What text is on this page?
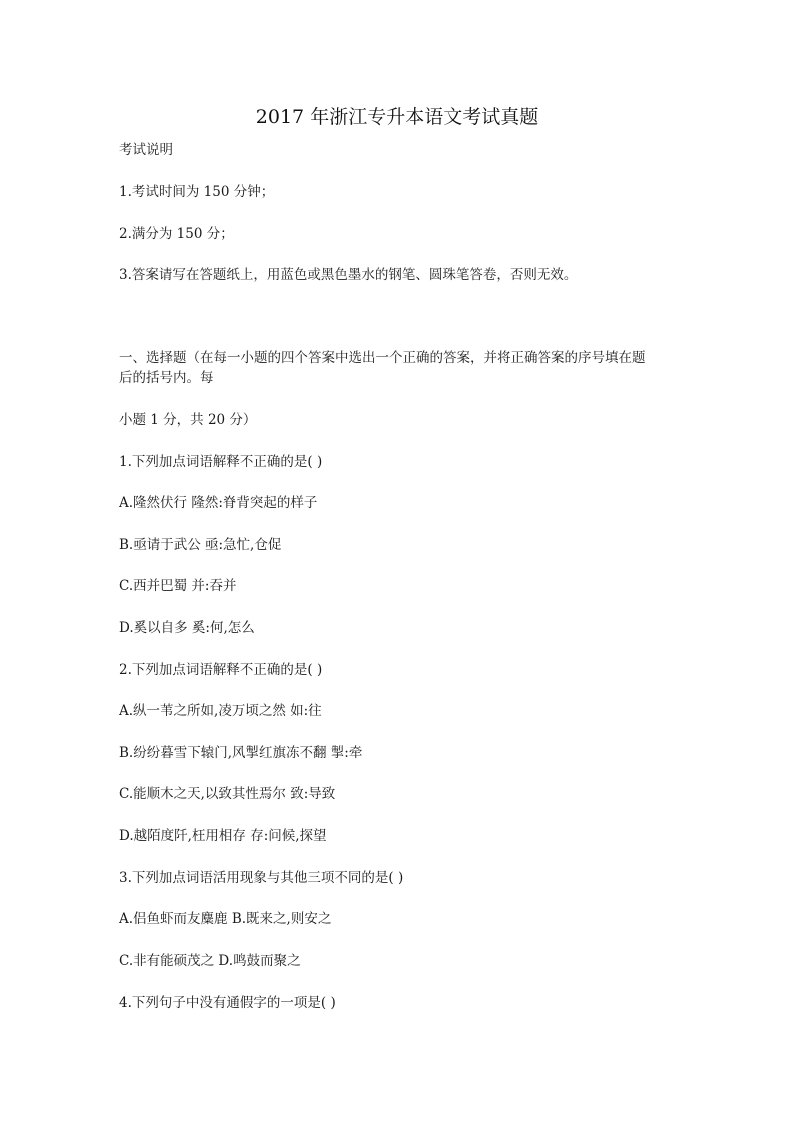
2017 年浙江专升本语文考试真题
考试说明
1.考试时间为 150 分钟；
2.满分为 150 分；
3.答案请写在答题纸上，用蓝色或黑色墨水的钢笔、圆珠笔答卷，否则无效。
一、选择题（在每一小题的四个答案中选出一个正确的答案，并将正确答案的序号填在题
后的括号内。每
小题 1 分，共 20 分）
1.下列加点词语解释不正确的是( )
A.隆然伏行 隆然:脊背突起的样子
B.亟请于武公 亟:急忙,仓促
C.西并巴蜀 并:吞并
D.奚以自多 奚:何,怎么
2.下列加点词语解释不正确的是( )
A.纵一苇之所如,凌万顷之然 如:往
B.纷纷暮雪下辕门,风掣红旗冻不翻 掣:牵
C.能顺木之天,以致其性焉尔 致:导致
D.越陌度阡,枉用相存 存:问候,探望
3.下列加点词语活用现象与其他三项不同的是( )
A.侣鱼虾而友麋鹿 B.既来之,则安之
C.非有能硕茂之 D.鸣鼓而聚之
4.下列句子中没有通假字的一项是( )
